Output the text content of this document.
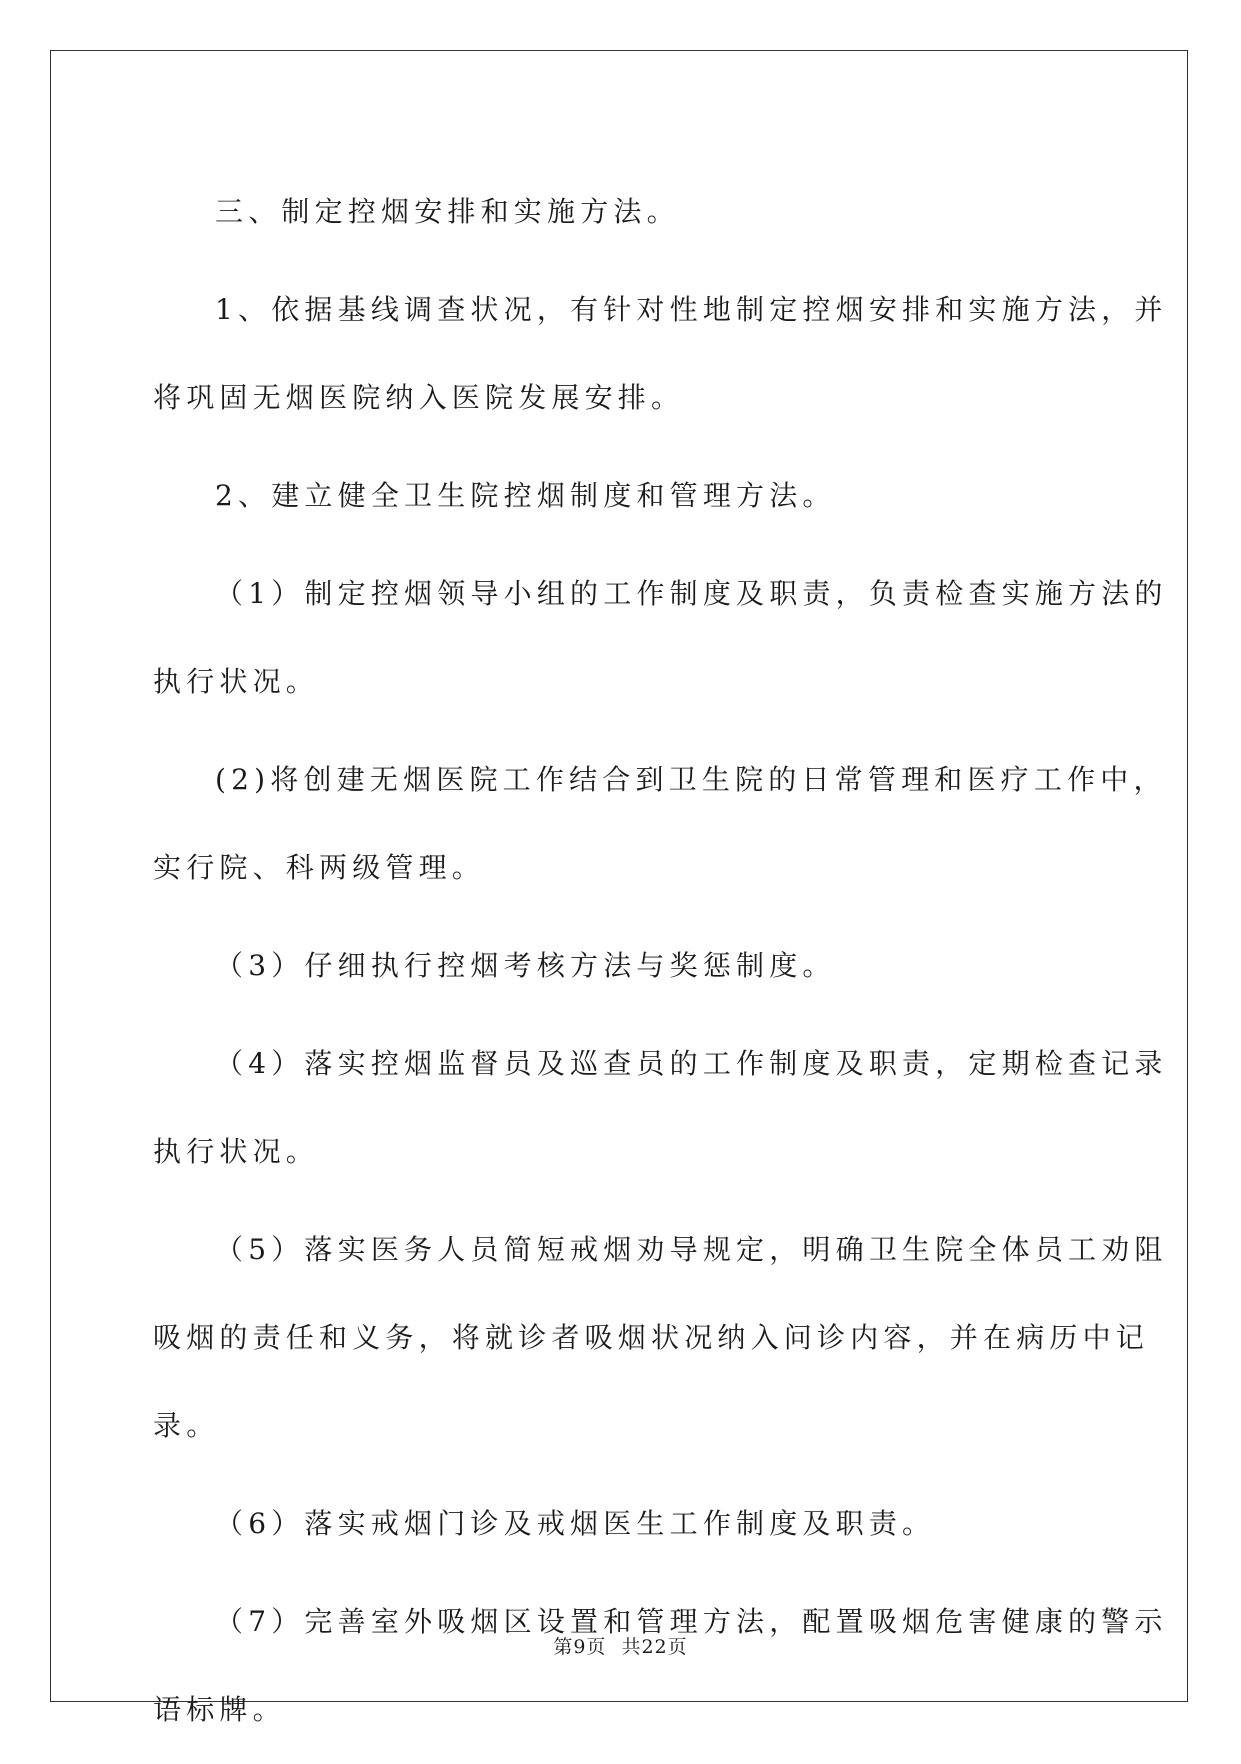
三、制定控烟安排和实施方法。
1、依据基线调查状况，有针对性地制定控烟安排和实施方法，并
将巩固无烟医院纳入医院发展安排。
2、建立健全卫生院控烟制度和管理方法。
（1）制定控烟领导小组的工作制度及职责，负责检查实施方法的
执行状况。
(2)将创建无烟医院工作结合到卫生院的日常管理和医疗工作中，
实行院、科两级管理。
（3）仔细执行控烟考核方法与奖惩制度。
（4）落实控烟监督员及巡查员的工作制度及职责，定期检查记录
执行状况。
（5）落实医务人员简短戒烟劝导规定，明确卫生院全体员工劝阻
吸烟的责任和义务，将就诊者吸烟状况纳入问诊内容，并在病历中记
录。
（6）落实戒烟门诊及戒烟医生工作制度及职责。
（7）完善室外吸烟区设置和管理方法，配置吸烟危害健康的警示
语标牌。
第9页 共22页
